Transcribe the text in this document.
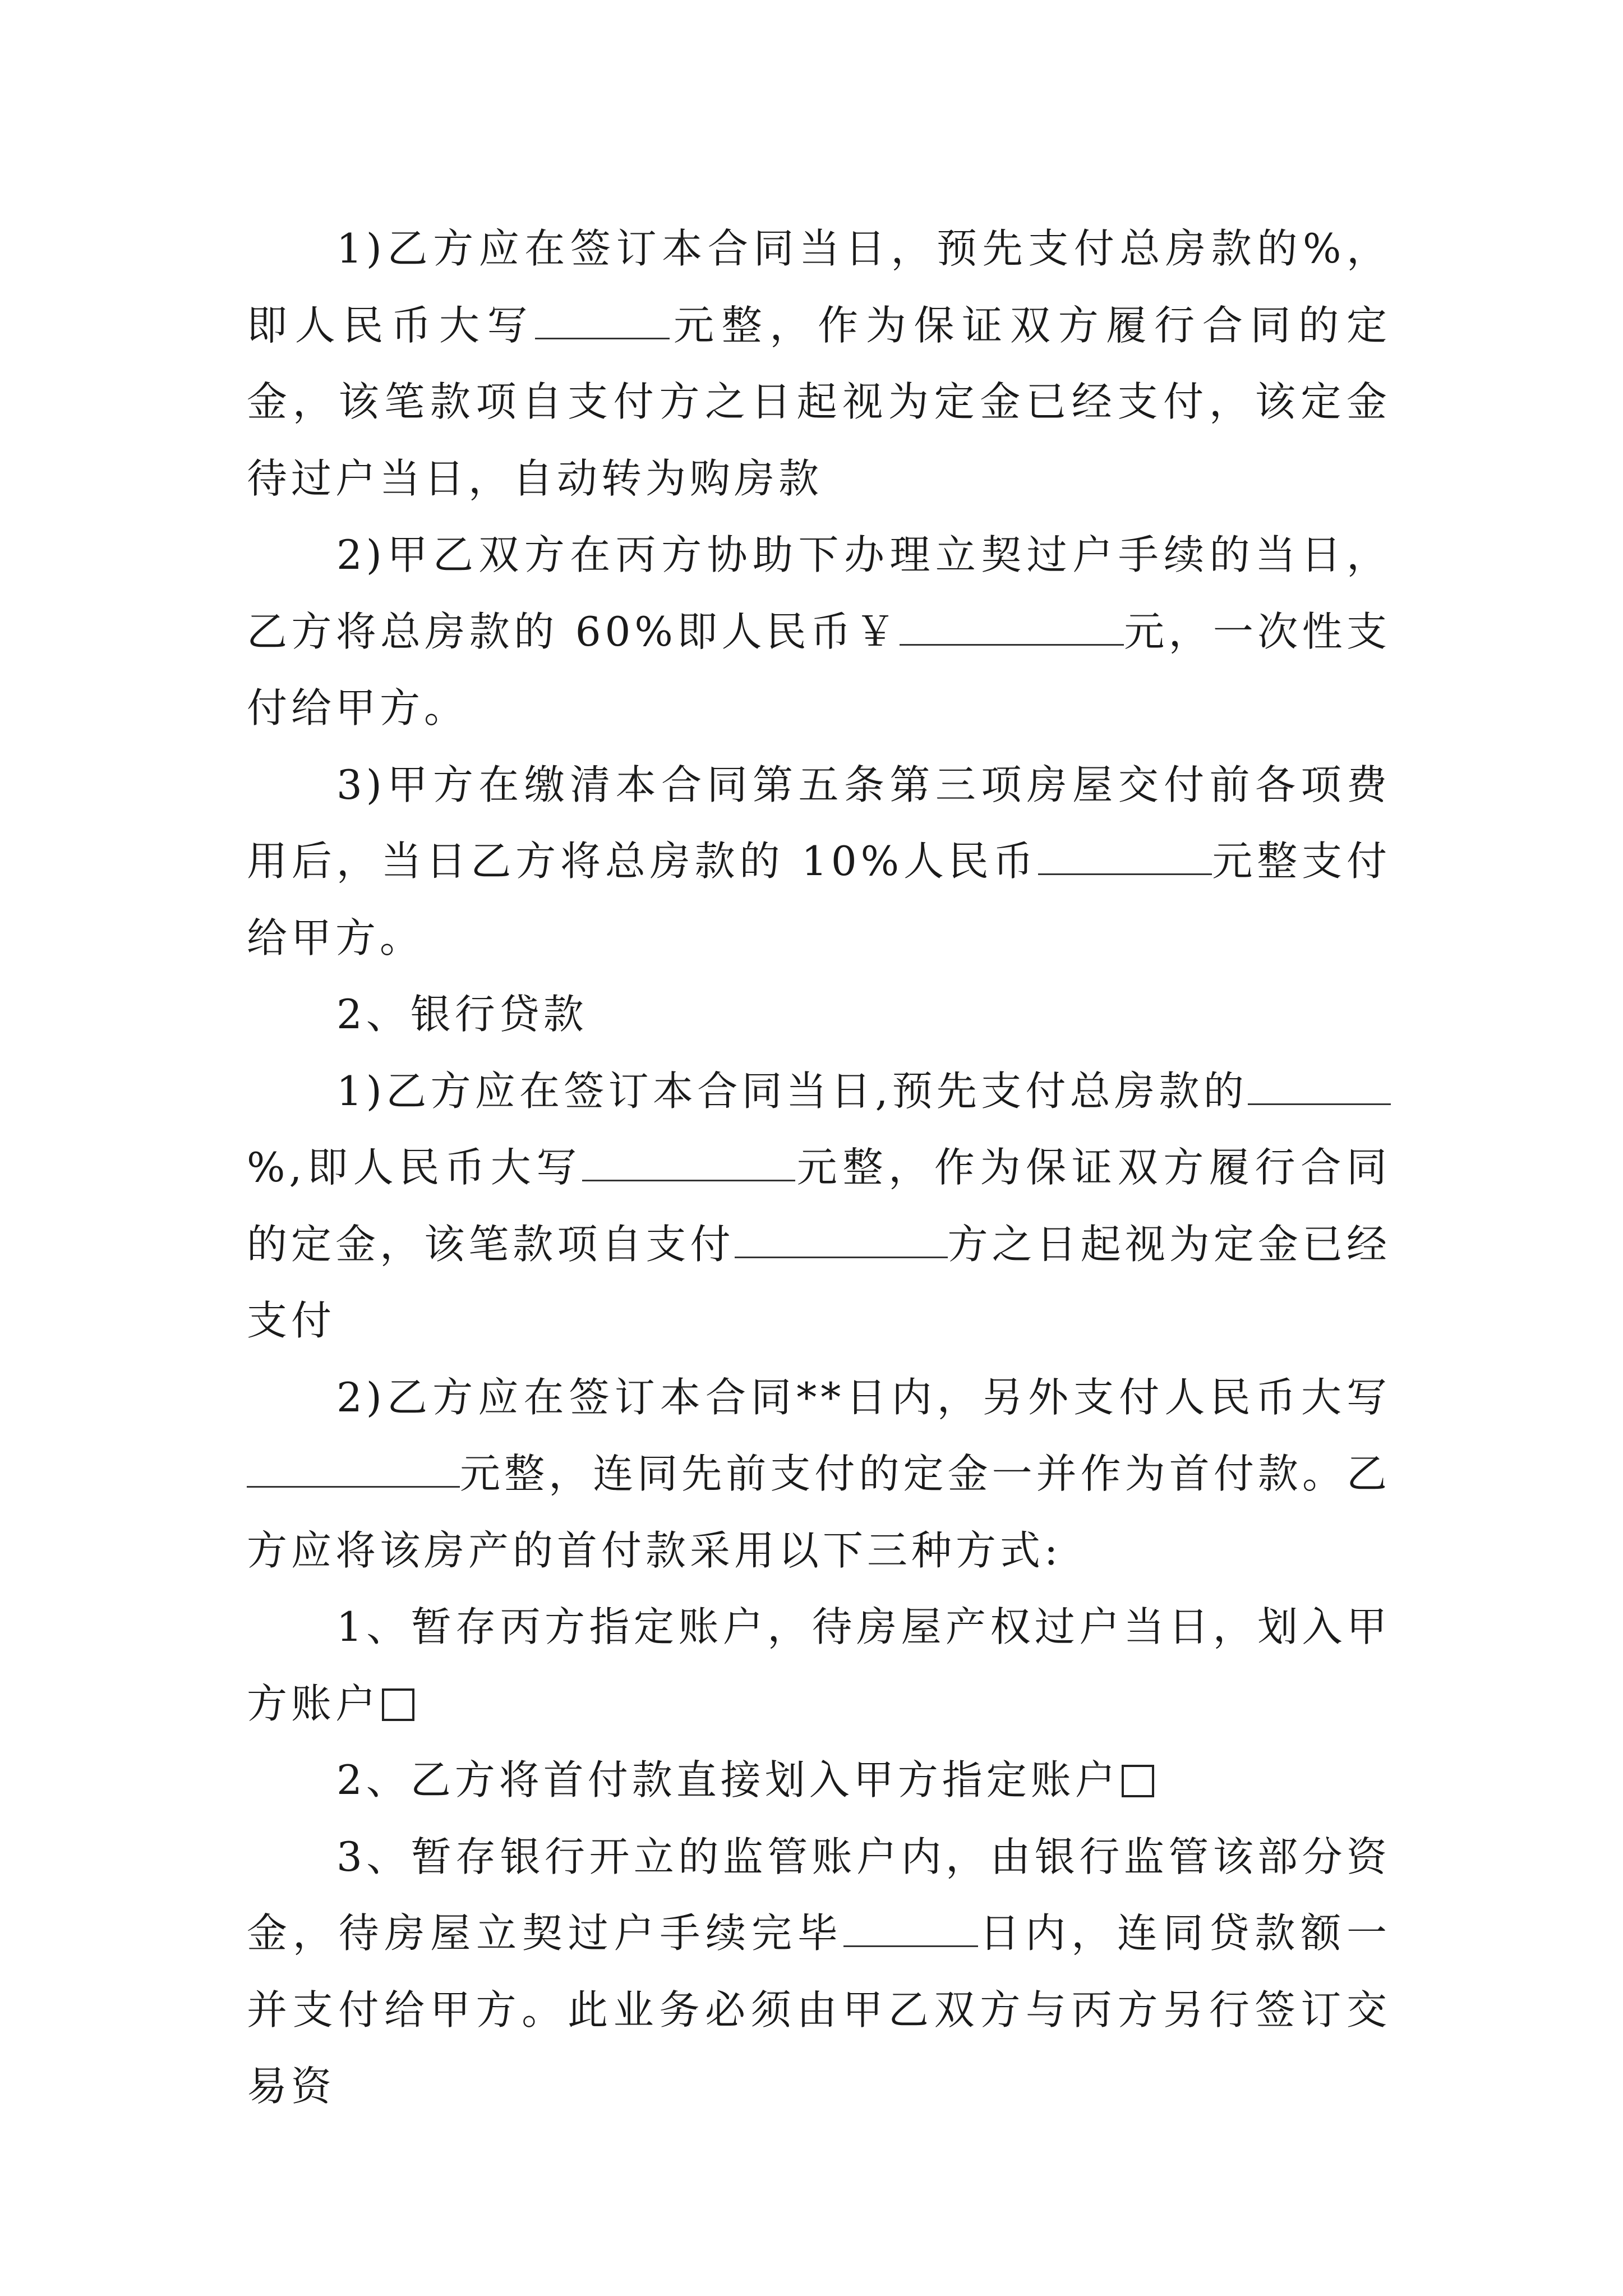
1)乙方应在签订本合同当日，预先支付总房款的%，即人民币大写	元整，作为保证双方履行合同的定金，该笔款项自支付方之日起视为定金已经支付，该定金待过户当日，自动转为购房款

2)甲乙双方在丙方协助下办理立契过户手续的当日，乙方将总房款的 60%即人民币￥	元，一次性支付给甲方。

3)甲方在缴清本合同第五条第三项房屋交付前各项费用后，当日乙方将总房款的 10%人民币	元整支付给甲方。

2、银行贷款

1)乙方应在签订本合同当日,预先支付总房款的%,即人民币大写	元整，作为保证双方履行合同的定金，该笔款项自支付	方之日起视为定金已经支付

2)乙方应在签订本合同**日内，另外支付人民币大写元整，连同先前支付的定金一并作为首付款。乙方应将该房产的首付款采用以下三种方式:

1、暂存丙方指定账户，待房屋产权过户当日，划入甲方账户

2、乙方将首付款直接划入甲方指定账户

3、暂存银行开立的监管账户内，由银行监管该部分资金，待房屋立契过户手续完毕	日内，连同贷款额一并支付给甲方。此业务必须由甲乙双方与丙方另行签订交易资
